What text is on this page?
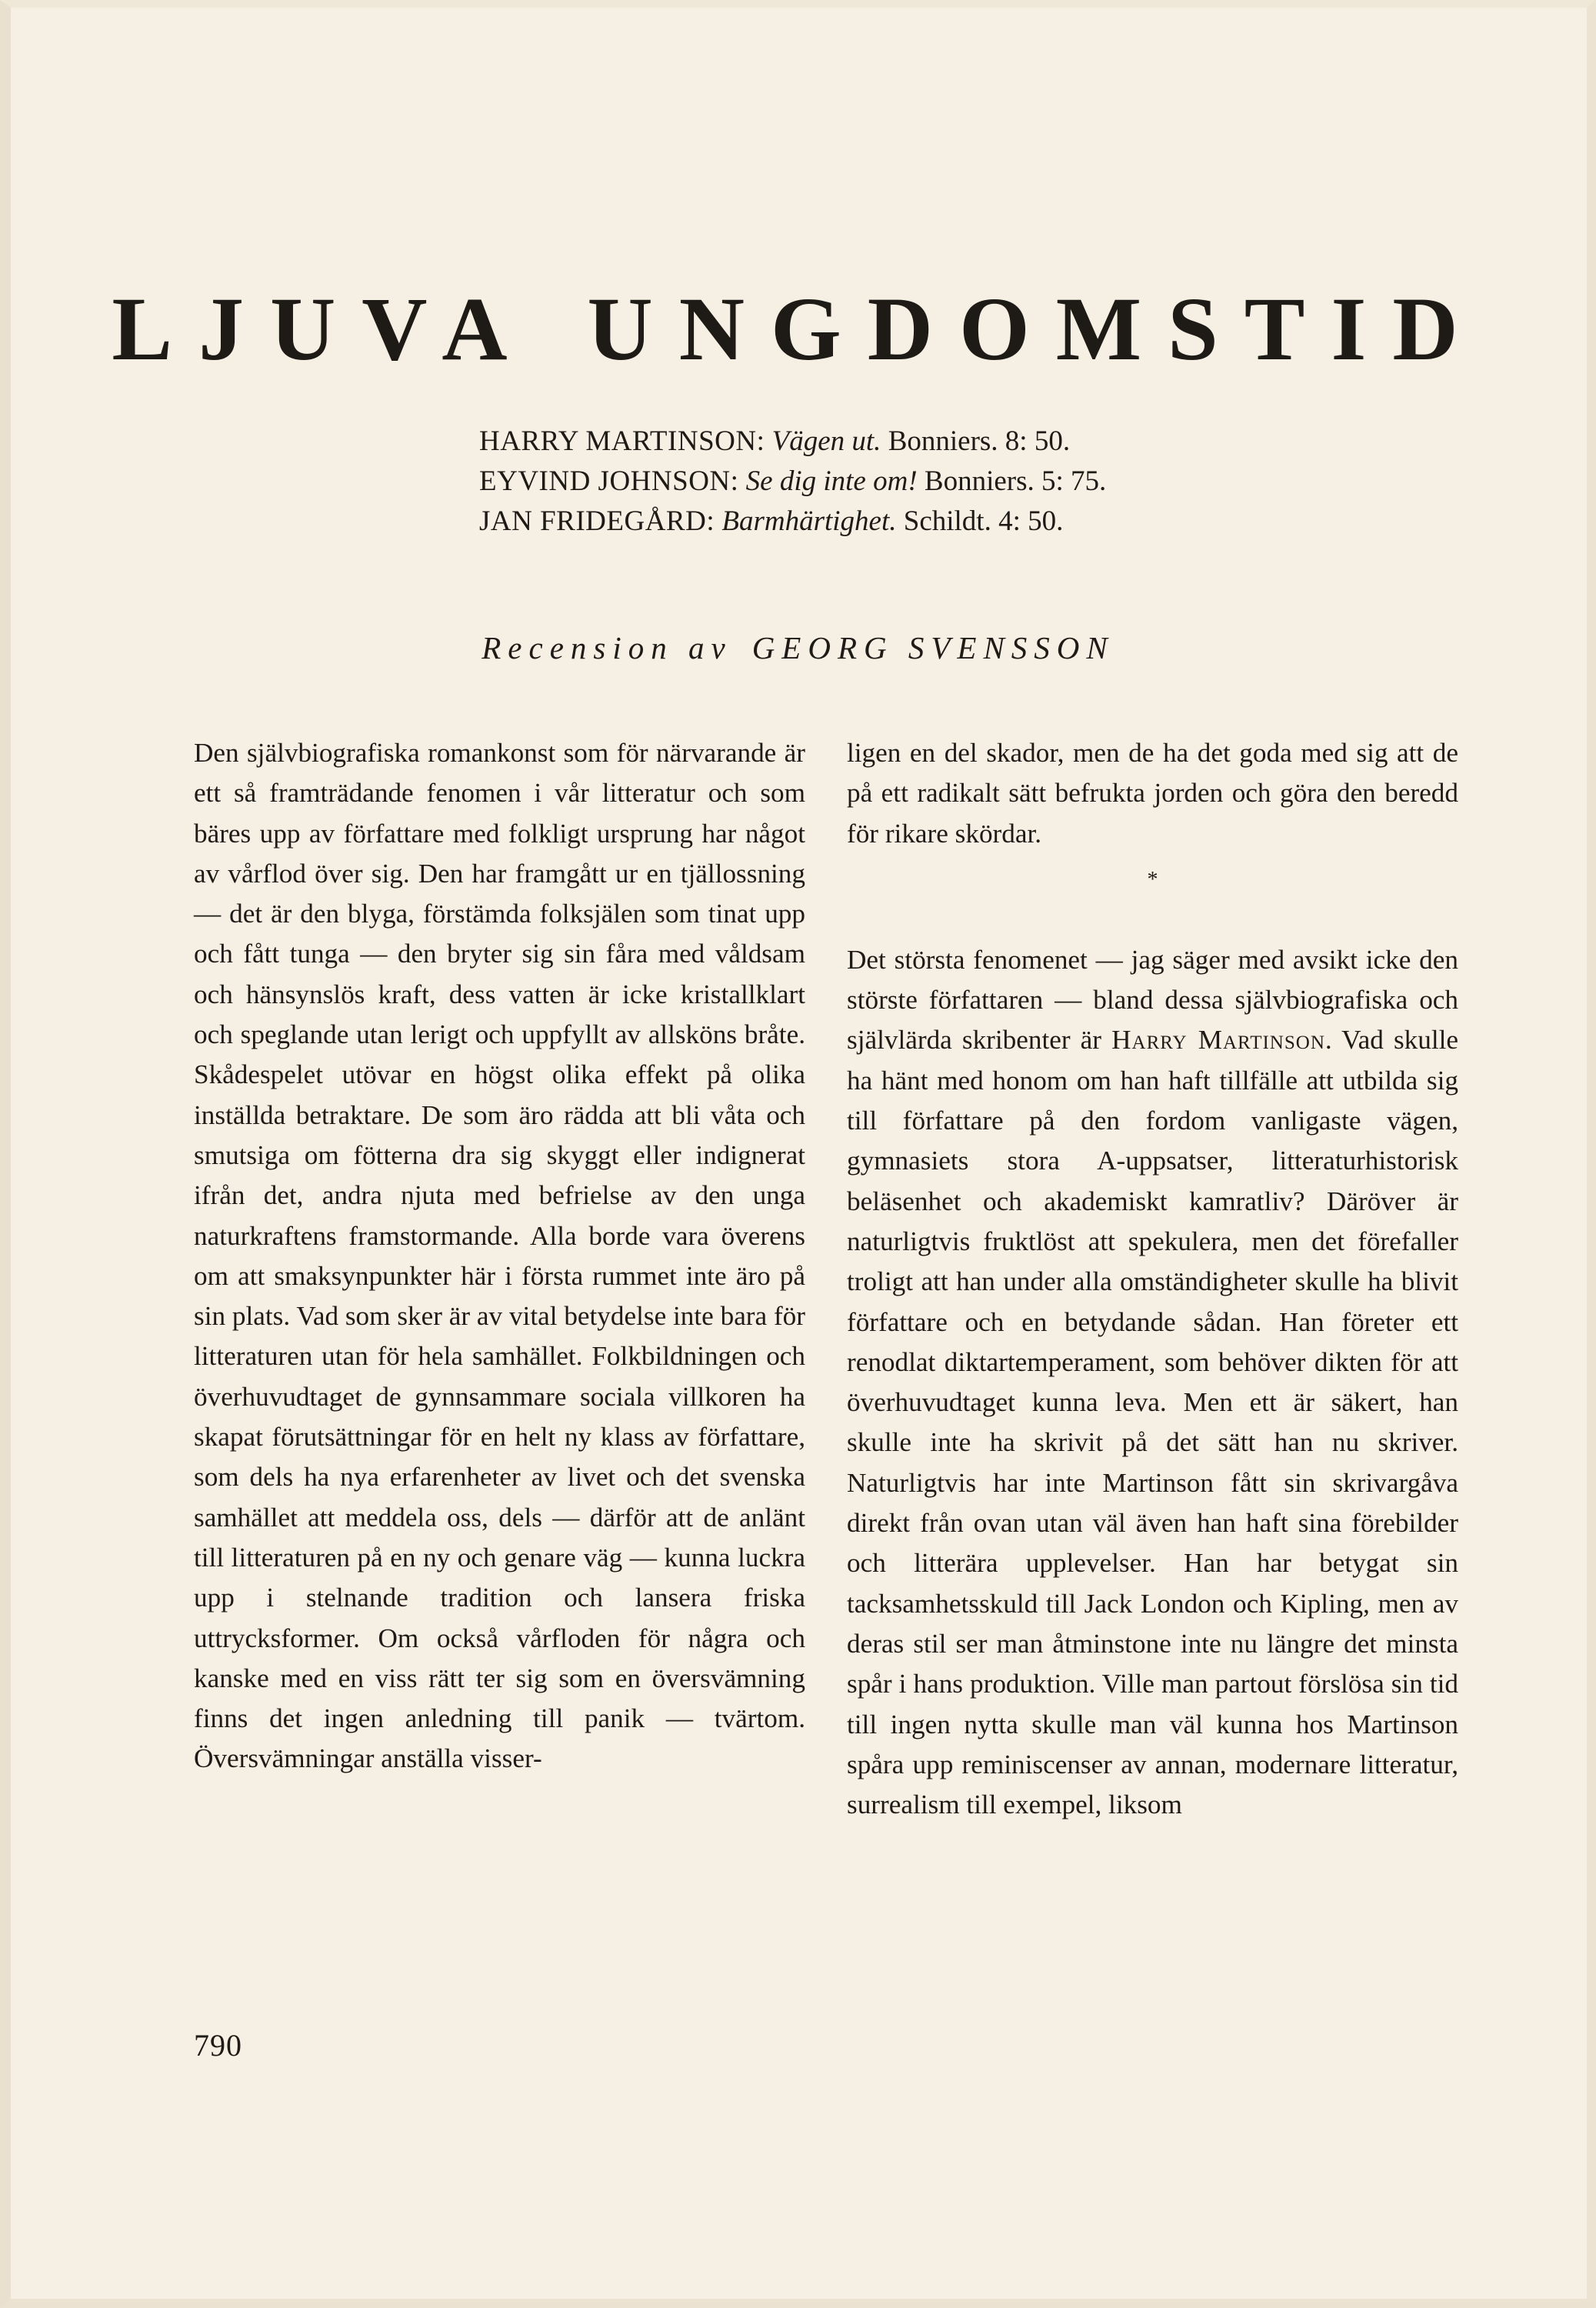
LJUVA UNGDOMSTID
HARRY MARTINSON: Vägen ut. Bonniers. 8: 50.
EYVIND JOHNSON: Se dig inte om! Bonniers. 5: 75.
JAN FRIDEGÅRD: Barmhärtighet. Schildt. 4: 50.
Recension av GEORG SVENSSON

Den självbiografiska romankonst som för närvarande är ett så framträdande fenomen i vår litteratur och som bäres upp av författare med folkligt ursprung har något av vårflod över sig. Den har framgått ur en tjällossning — det är den blyga, förstämda folksjälen som tinat upp och fått tunga — den bryter sig sin fåra med våldsam och hänsynslös kraft, dess vatten är icke kristallklart och speglande utan lerigt och uppfyllt av allsköns bråte. Skådespelet utövar en högst olika effekt på olika inställda betraktare. De som äro rädda att bli våta och smutsiga om fötterna dra sig skyggt eller indignerat ifrån det, andra njuta med befrielse av den unga naturkraftens framstormande. Alla borde vara överens om att smaksynpunkter här i första rummet inte äro på sin plats. Vad som sker är av vital betydelse inte bara för litteraturen utan för hela samhället. Folkbildningen och överhuvudtaget de gynnsammare sociala villkoren ha skapat förutsättningar för en helt ny klass av författare, som dels ha nya erfarenheter av livet och det svenska samhället att meddela oss, dels — därför att de anlänt till litteraturen på en ny och genare väg — kunna luckra upp i stelnande tradition och lansera friska uttrycksformer. Om också vårfloden för några och kanske med en viss rätt ter sig som en översvämning finns det ingen anledning till panik — tvärtom. Översvämningar anställa visser-

ligen en del skador, men de ha det goda med sig att de på ett radikalt sätt befrukta jorden och göra den beredd för rikare skördar.

*

Det största fenomenet — jag säger med avsikt icke den störste författaren — bland dessa självbiografiska och självlärda skribenter är Harry Martinson. Vad skulle ha hänt med honom om han haft tillfälle att utbilda sig till författare på den fordom vanligaste vägen, gymnasiets stora A-uppsatser, litteraturhistorisk beläsenhet och akademiskt kamratliv? Däröver är naturligtvis fruktlöst att spekulera, men det förefaller troligt att han under alla omständigheter skulle ha blivit författare och en betydande sådan. Han företer ett renodlat diktartemperament, som behöver dikten för att överhuvudtaget kunna leva. Men ett är säkert, han skulle inte ha skrivit på det sätt han nu skriver. Naturligtvis har inte Martinson fått sin skrivargåva direkt från ovan utan väl även han haft sina förebilder och litterära upplevelser. Han har betygat sin tacksamhetsskuld till Jack London och Kipling, men av deras stil ser man åtminstone inte nu längre det minsta spår i hans produktion. Ville man partout förslösa sin tid till ingen nytta skulle man väl kunna hos Martinson spåra upp reminiscenser av annan, modernare litteratur, surrealism till exempel, liksom

790
